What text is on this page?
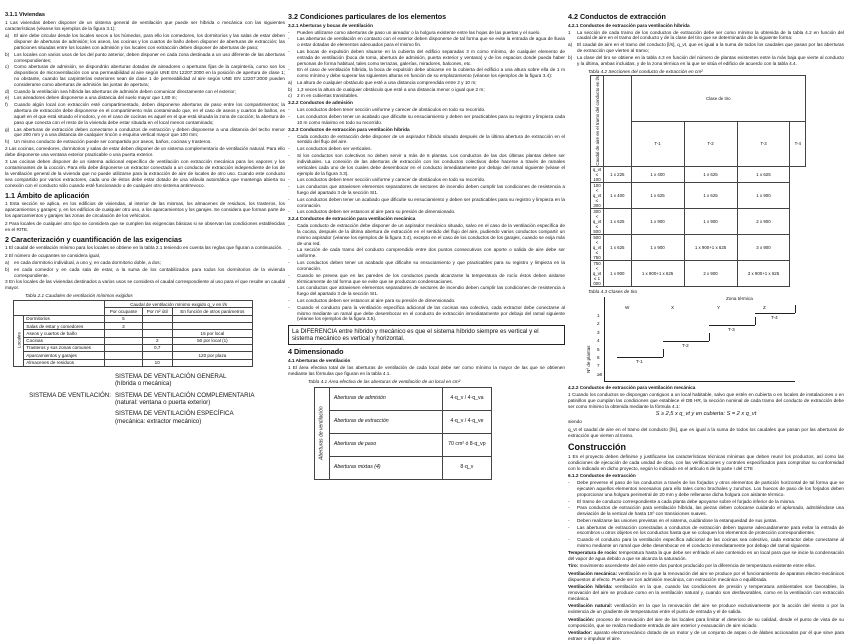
3.1.1 Viviendas

1 Las viviendas deben disponer de un sistema general de ventilación que puede ser híbrida o mecánica con las siguientes características (véanse los ejemplos de la figura 3.1):

a) El aire debe circular desde los locales secos a los húmedos, para ello los comedores, los dormitorios y las salas de estar deben disponer de aberturas de admisión; los aseos, las cocinas y los cuartos de baño deben disponer de aberturas de extracción; las particiones situadas entre los locales con admisión y los locales con extracción deben disponer de aberturas de paso;
b) Los locales con varios usos de los del punto anterior, deben disponer en cada zona destinada a un uso diferente de las aberturas correspondientes;
c) Como aberturas de admisión, se dispondrán aberturas dotadas de aireadores o aperturas fijas de la carpintería, como son los dispositivos de microventilación con una permeabilidad al aire según UNE EN 12207:2000 en la posición de apertura de clase 1; no obstante, cuando las carpinterías exteriores sean de clase 1 de permeabilidad al aire según UNE EN 12207:2000 pueden considerarse como aberturas de admisión las juntas de apertura;
d) Cuando la ventilación sea híbrida las aberturas de admisión deben comunicar directamente con el exterior;
e) Los aireadores deben disponerse a una distancia del suelo mayor que 1,80 m;
f) Cuando algún local con extracción esté compartimentado, deben disponerse aberturas de paso entre los compartimentos; la abertura de extracción debe disponerse en el compartimento más contaminado que, en el caso de aseos y cuartos de baños, es aquel en el que está situado el inodoro, y en el caso de cocinas es aquel en el que está situada la zona de cocción; la abertura de paso que conecta con el resto de la vivienda debe estar situada en el local menos contaminado;
g) Las aberturas de extracción deben conectarse a conductos de extracción y deben disponerse a una distancia del techo menor que 200 mm y a una distancia de cualquier rincón o esquina vertical mayor que 100 mm;
h) Un mismo conducto de extracción puede ser compartido por aseos, baños, cocinas y trasteros.

2 Las cocinas, comedores, dormitorios y salas de estar deben disponer de un sistema complementario de ventilación natural. Para ello debe disponerse una ventana exterior practicable o una puerta exterior.

3 Las cocinas deben disponer de un sistema adicional específico de ventilación con extracción mecánica para los vapores y los contaminantes de la cocción. Para ello debe disponerse un extractor conectado a un conducto de extracción independiente de los de la ventilación general de la vivienda que no puede utilizarse para la extracción de aire de locales de otro uso. Cuando este conducto sea compartido por varios extractores, cada uno de éstos debe estar dotado de una válvula automática que mantenga abierta su conexión con el conducto sólo cuando esté funcionando o de cualquier otro sistema antirrevoco.

1.1 Ámbito de aplicación

1 Esta sección se aplica, en los edificios de viviendas, al interior de las mismas, los almacenes de residuos, los trasteros, los aparcamientos y garajes; y, en los edificios de cualquier otro uso, a los aparcamientos y los garajes. Se considera que forman parte de los aparcamientos y garajes las zonas de circulación de los vehículos.

2 Para locales de cualquier otro tipo se considera que se cumplen las exigencias básicas si se observan las condiciones establecidas en el RITE.

2 Caracterización y cuantificación de las exigencias

1 El caudal de ventilación mínimo para los locales se obtiene en la tabla 2.1 teniendo en cuenta las reglas que figuran a continuación.

2 El número de ocupantes se considera igual,

a) en cada dormitorio individual, a uno y, en cada dormitorio doble, a dos;
b) en cada comedor y en cada sala de estar, a la suma de los contabilizados para todos los dormitorios de la vivienda correspondiente.

3 En los locales de las viviendas destinados a varios usos se considera el caudal correspondiente al uso para el que resulte un caudal mayor.

Tabla 2.1 Caudales de ventilación mínimos exigidos
		Caudal de ventilación mínimo exigido q_v en l/s		
		Por ocupante	Por m² útil	En función de otros parámetros
Locales	Dormitorios	5		
	Salas de estar y comedores	3		
	Aseos y cuartos de baño			15 por local
	Cocinas		2	50 por local (1)
	Trasteros y sus zonas comunes		0,7	
	Aparcamientos y garajes			120 por plaza
	Almacenes de residuos		10	
SISTEMA DE VENTILACIÓN GENERAL
(híbrida o mecánica)
SISTEMA DE VENTILACIÓN: SISTEMA DE VENTILACIÓN COMPLEMENTARIA
(natural: ventana o puerta exterior)
SISTEMA DE VENTILACIÓN ESPECÍFICA
(mecánica: extractor mecánico)
3.2 Condiciones particulares de los elementos
3.2.1 Aberturas y bocas de ventilación
- Pueden utilizarse como aberturas de paso un aireador o la holgura existente entre las hojas de las puertas y el suelo.
- Las aberturas de ventilación en contacto con el exterior deben disponerse de tal forma que se evite la entrada de agua de lluvia o estar dotadas de elementos adecuados para el mismo fin.
- Las bocas de expulsión deben situarse en la cubierta del edificio separadas 3 m como mínimo, de cualquier elemento de entrada de ventilación (boca de toma, abertura de admisión, puerta exterior y ventana) y de los espacios donde pueda haber personas de forma habitual, tales como terrazas, galerías, miradores, balcones, etc.
- En el caso de ventilación híbrida, la boca de expulsión debe ubicarse en la cubierta del edificio a una altura sobre ella de 1 m como mínimo y debe superar las siguientes alturas en función de su emplazamiento (véanse los ejemplos de la figura 3.4):
a) La altura de cualquier obstáculo que esté a una distancia comprendida entre 2 y 10 m;
b) 1,3 veces la altura de cualquier obstáculo que esté a una distancia menor o igual que 2 m;
c) 2 m en cubiertas transitables.
3.2.2 Conductos de admisión
- Los conductos deben tener sección uniforme y carecer de obstáculos en todo su recorrido.
- Los conductos deben tener un acabado que dificulte su ensuciamiento y deben ser practicables para su registro y limpieza cada 10 m como máximo en todo su recorrido.
3.2.3 Conductos de extracción para ventilación híbrida
- Cada conducto de extracción debe disponer de un aspirador híbrido situado después de la última abertura de extracción en el sentido del flujo del aire.
- Los conductos deben ser verticales.
- Si los conductos son colectivos no deben servir a más de 6 plantas. Los conductos de las dos últimas plantas deben ser individuales. La conexión de las aberturas de extracción con los conductos colectivos debe hacerse a través de ramales verticales cada uno de los cuales debe desembocar en el conducto inmediatamente por debajo del ramal siguiente (véase el ejemplo de la figura 3.3).
- Los conductos deben tener sección uniforme y carecer de obstáculos en todo su recorrido.
- Los conductos que atraviesen elementos separadores de sectores de incendio deben cumplir las condiciones de resistencia a fuego del apartado 3 de la sección SI1.
- Los conductos deben tener un acabado que dificulte su ensuciamiento y deben ser practicables para su registro y limpieza en la coronación.
- Los conductos deben ser estancos al aire para su presión de dimensionado.
3.2.4 Conductos de extracción para ventilación mecánica
- Cada conducto de extracción debe disponer de un aspirador mecánico situado, salvo en el caso de la ventilación específica de la cocina, después de la última abertura de extracción en el sentido del flujo del aire, pudiendo varios conductos compartir un mismo aspirador (véanse los ejemplos de la figura 3.4), excepto en el caso de los conductos de los garajes, cuando se exija más de una red.
- La sección de cada tramo del conducto comprendido entre dos puntos consecutivos con aporte o salida de aire debe ser uniforme.
- Los conductos deben tener un acabado que dificulte su ensuciamiento y que practicables para su registro y limpieza en la coronación.
- Cuando se prevea que en las paredes de los conductos pueda alcanzarse la temperatura de rocío éstos deben aislarse térmicamente de tal forma que se evite que se produzcan condensaciones.
- Los conductos que atraviesen elementos separadores de sectores de incendio deben cumplir las condiciones de resistencia a fuego del apartado 3 de la sección SI1.
- Los conductos deben ser estancos al aire para su presión de dimensionado.
- Cuando el conducto para la ventilación específica adicional de las cocinas sea colectivo, cada extractor debe conectarse al mismo mediante un ramal que debe desembocar en el conducto de extracción inmediatamente por debajo del ramal siguiente (véanse los ejemplos de la figura 3.5).
La DIFERENCIA entre híbrido y mecánico es que el sistema híbrido siempre es vertical y el sistema mecánico es vertical y horizontal.
4 Dimensionado
4.1 Aberturas de ventilación

1 El área efectiva total de las aberturas de ventilación de cada local debe ser como mínimo la mayor de las que se obtienen mediante las fórmulas que figuran en la tabla 4.1.

Tabla 4.1 Área efectiva de las aberturas de ventilación de un local en cm²
Aberturas de ventilación	Aberturas de admisión	4·q_v / 4·q_va
	Aberturas de extracción	4·q_v / 4·q_ve
	Aberturas de paso	70 cm² ó 8·q_vp
	Aberturas mixtas (4)	8·q_v
4.2 Conductos de extracción
4.2.1 Conductos de extracción para ventilación híbrida
1 La sección de cada tramo de los conductos de extracción debe ser como mínimo la obtenida de la tabla 4.2 en función del caudal de aire en el tramo del conducto y de la clase del tiro que se determinarán de la siguiente forma:
a) El caudal de aire en el tramo del conducto [l/s], q_vt, que es igual a la suma de todos los caudales que pasan por las aberturas de extracción que vierten al tramo;
b) La clase del tiro se obtiene en la tabla 4.3 en función del número de plantas existentes entre la más baja que vierte al conducto y la última, ambas incluidas, y de la zona térmica en la que se sitúa el edificio de acuerdo con la tabla 4.4.
Tabla 4.2 Secciones del conducto de extracción en cm²
Caudal de aire en el tramo del conducto en l/s		Clase de tiro			
		T-1	T-2	T-3	T-4
q_vt ≤ 100	1 x 225	1 x 400	1 x 625	1 x 625	
100 < q_vt ≤ 300	1 x 400	1 x 625	1 x 625	1 x 900	
300 < q_vt ≤ 500	1 x 625	1 x 900	1 x 900	2 x 900	
500 < q_vt ≤ 750	1 x 625	1 x 900	1 x 900+1 x 625	3 x 900	
750 < q_vt ≤ 1 000	1 x 900	1 x 900+1 x 625	2 x 900	3 x 900+1 x 625	
Tabla 4.3 Clases de tiro
Zona térmica
Nº de plantas
W	X	Y	Z
1
2
3
4
5
6
7
≥8
T-4
T-3
T-2
T-1
4.2.2 Conductos de extracción para ventilación mecánica

1 Cuando los conductos se dispongan contiguos a un local habitable, salvo que estén en cubierta o en locales de instalaciones o en patinillos que cumplan las condiciones que establece el DB HR, la sección nominal de cada tramo del conducto de extracción debe ser como mínimo la obtenida mediante la fórmula 4.1:

S ≥ 2,5 x q_vt y en cubierta: S = 2 x q_vt

siendo

q_vt el caudal de aire en el tramo del conducto [l/s], que es igual a la suma de todos los caudales que pasan por las aberturas de extracción que vierten al tramo.

Construcción

1 En el proyecto deben definirse y justificarse las características técnicas mínimas que deben reunir los productos, así como las condiciones de ejecución de cada unidad de obra, con las verificaciones y controles especificados para comprobar su conformidad con lo indicado en dicho proyecto, según lo indicado en el artículo 6 de la parte I del CTE

6.1.2 Conductos de extracción
- Debe preverse el paso de los conductos a través de los forjados y otros elementos de partición horizontal de tal forma que se ejecuten aquellos elementos necesarios para ello tales como brochales y zunchos. Los huecos de paso de los forjados deben proporcionar una holgura perimetral de 20 mm y debe rellenarse dicha holgura con aislante térmico.
- El tramo de conducto correspondiente a cada planta debe apoyarse sobre el forjado inferior de la misma.
- Para conductos de extracción para ventilación híbrida, las piezas deben colocarse cuidando el aplomado, admitiéndose una desviación de la vertical de hasta 15º con transiciones suaves.
- Deben realizarse las uniones previstas en el sistema, cuidándose la estanqueidad de sus juntas.
- Las aberturas de extracción conectadas a conductos de extracción deben taparse adecuadamente para evitar la entrada de escombros u otros objetos en los conductos hasta que se coloquen los elementos de protección correspondientes.
- Cuando el conducto para la ventilación específica adicional de las cocinas sea colectivo, cada extractor debe conectarse al mismo mediante un ramal que debe desembocar en el conducto inmediatamente por debajo del ramal siguiente.

Temperatura de rocío: temperatura hasta la que debe ser enfriado el aire contenido en un local para que se inicie la condensación del vapor de agua debido a que se alcanza la saturación.

Tiro: movimiento ascendente del aire entre dos puntos producido por la diferencia de temperatura existente entre ellos.

Ventilación mecánica: ventilación en la que la renovación del aire se produce por el funcionamiento de aparatos electro-mecánicos dispuestos al efecto. Puede ser con admisión mecánica, con extracción mecánica o equilibrada.

Ventilación híbrida: ventilación en la que, cuando las condiciones de presión y temperatura ambientales son favorables, la renovación del aire se produce como en la ventilación natural y, cuando son desfavorables, como en la ventilación con extracción mecánica.

Ventilación natural: ventilación en la que la renovación del aire se produce exclusivamente por la acción del viento o por la existencia de un gradiente de temperaturas entre el punto de entrada y el de salida.

Ventilación: proceso de renovación del aire de los locales para limitar el deterioro de su calidad, desde el punto de vista de su composición, que se realiza mediante entrada de aire exterior y evacuación de aire viciado.

Ventilador: aparato electromecánico dotado de un motor y de un conjunto de aspas o de álabes accionados por él que sirve para extraer o impulsar el aire.
